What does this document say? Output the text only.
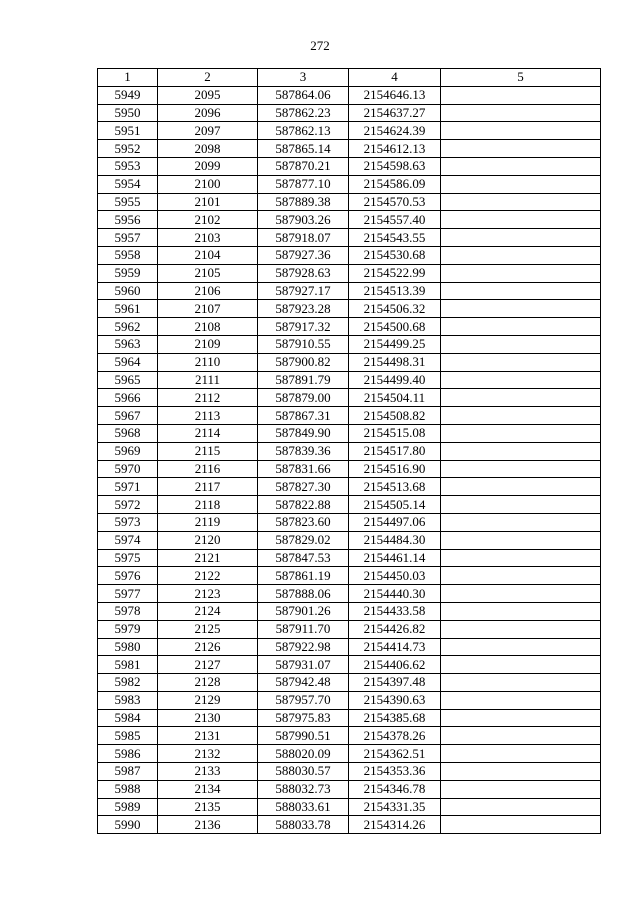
272
1	2	3	4	5
5949	2095	587864.06	2154646.13	
5950	2096	587862.23	2154637.27	
5951	2097	587862.13	2154624.39	
5952	2098	587865.14	2154612.13	
5953	2099	587870.21	2154598.63	
5954	2100	587877.10	2154586.09	
5955	2101	587889.38	2154570.53	
5956	2102	587903.26	2154557.40	
5957	2103	587918.07	2154543.55	
5958	2104	587927.36	2154530.68	
5959	2105	587928.63	2154522.99	
5960	2106	587927.17	2154513.39	
5961	2107	587923.28	2154506.32	
5962	2108	587917.32	2154500.68	
5963	2109	587910.55	2154499.25	
5964	2110	587900.82	2154498.31	
5965	2111	587891.79	2154499.40	
5966	2112	587879.00	2154504.11	
5967	2113	587867.31	2154508.82	
5968	2114	587849.90	2154515.08	
5969	2115	587839.36	2154517.80	
5970	2116	587831.66	2154516.90	
5971	2117	587827.30	2154513.68	
5972	2118	587822.88	2154505.14	
5973	2119	587823.60	2154497.06	
5974	2120	587829.02	2154484.30	
5975	2121	587847.53	2154461.14	
5976	2122	587861.19	2154450.03	
5977	2123	587888.06	2154440.30	
5978	2124	587901.26	2154433.58	
5979	2125	587911.70	2154426.82	
5980	2126	587922.98	2154414.73	
5981	2127	587931.07	2154406.62	
5982	2128	587942.48	2154397.48	
5983	2129	587957.70	2154390.63	
5984	2130	587975.83	2154385.68	
5985	2131	587990.51	2154378.26	
5986	2132	588020.09	2154362.51	
5987	2133	588030.57	2154353.36	
5988	2134	588032.73	2154346.78	
5989	2135	588033.61	2154331.35	
5990	2136	588033.78	2154314.26	
